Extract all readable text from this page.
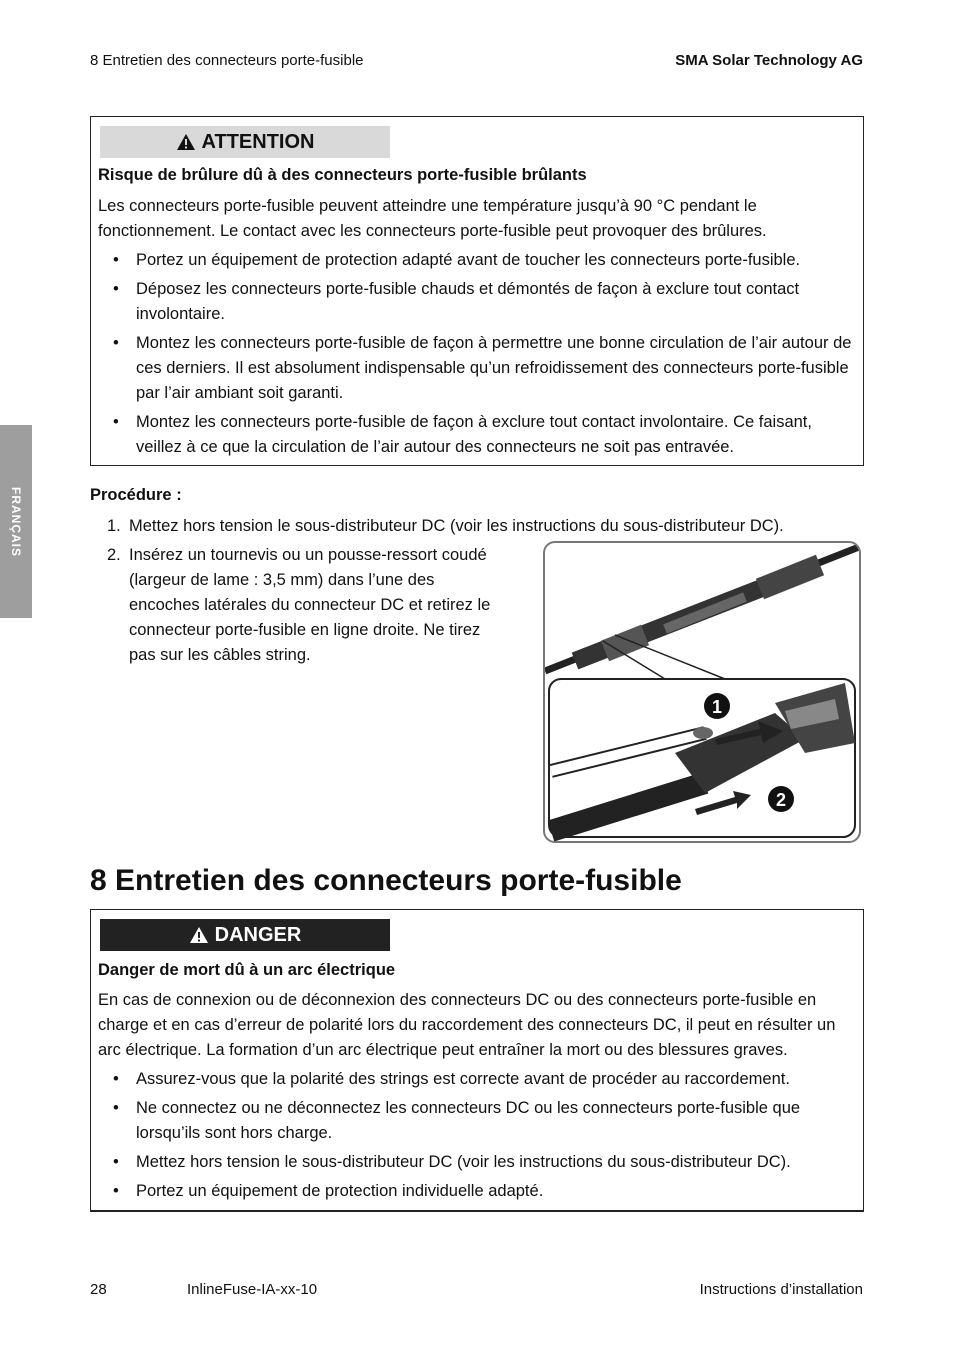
8 Entretien des connecteurs porte-fusible	SMA Solar Technology AG
FRANÇAIS
ATTENTION
Risque de brûlure dû à des connecteurs porte-fusible brûlants
Les connecteurs porte-fusible peuvent atteindre une température jusqu’à 90 °C pendant le fonctionnement. Le contact avec les connecteurs porte-fusible peut provoquer des brûlures.
• Portez un équipement de protection adapté avant de toucher les connecteurs porte-fusible.
• Déposez les connecteurs porte-fusible chauds et démontés de façon à exclure tout contact involontaire.
• Montez les connecteurs porte-fusible de façon à permettre une bonne circulation de l’air autour de ces derniers. Il est absolument indispensable qu’un refroidissement des connecteurs porte-fusible par l’air ambiant soit garanti.
• Montez les connecteurs porte-fusible de façon à exclure tout contact involontaire. Ce faisant, veillez à ce que la circulation de l’air autour des connecteurs ne soit pas entravée.
Procédure :
1. Mettez hors tension le sous-distributeur DC (voir les instructions du sous-distributeur DC).
2. Insérez un tournevis ou un pousse-ressort coudé (largeur de lame : 3,5 mm) dans l’une des encoches latérales du connecteur DC et retirez le connecteur porte-fusible en ligne droite. Ne tirez pas sur les câbles string.
1
2
8 Entretien des connecteurs porte-fusible
DANGER
Danger de mort dû à un arc électrique
En cas de connexion ou de déconnexion des connecteurs DC ou des connecteurs porte-fusible en charge et en cas d’erreur de polarité lors du raccordement des connecteurs DC, il peut en résulter un arc électrique. La formation d’un arc électrique peut entraîner la mort ou des blessures graves.
• Assurez-vous que la polarité des strings est correcte avant de procéder au raccordement.
• Ne connectez ou ne déconnectez les connecteurs DC ou les connecteurs porte-fusible que lorsqu’ils sont hors charge.
• Mettez hors tension le sous-distributeur DC (voir les instructions du sous-distributeur DC).
• Portez un équipement de protection individuelle adapté.
28	InlineFuse-IA-xx-10	Instructions d’installation
